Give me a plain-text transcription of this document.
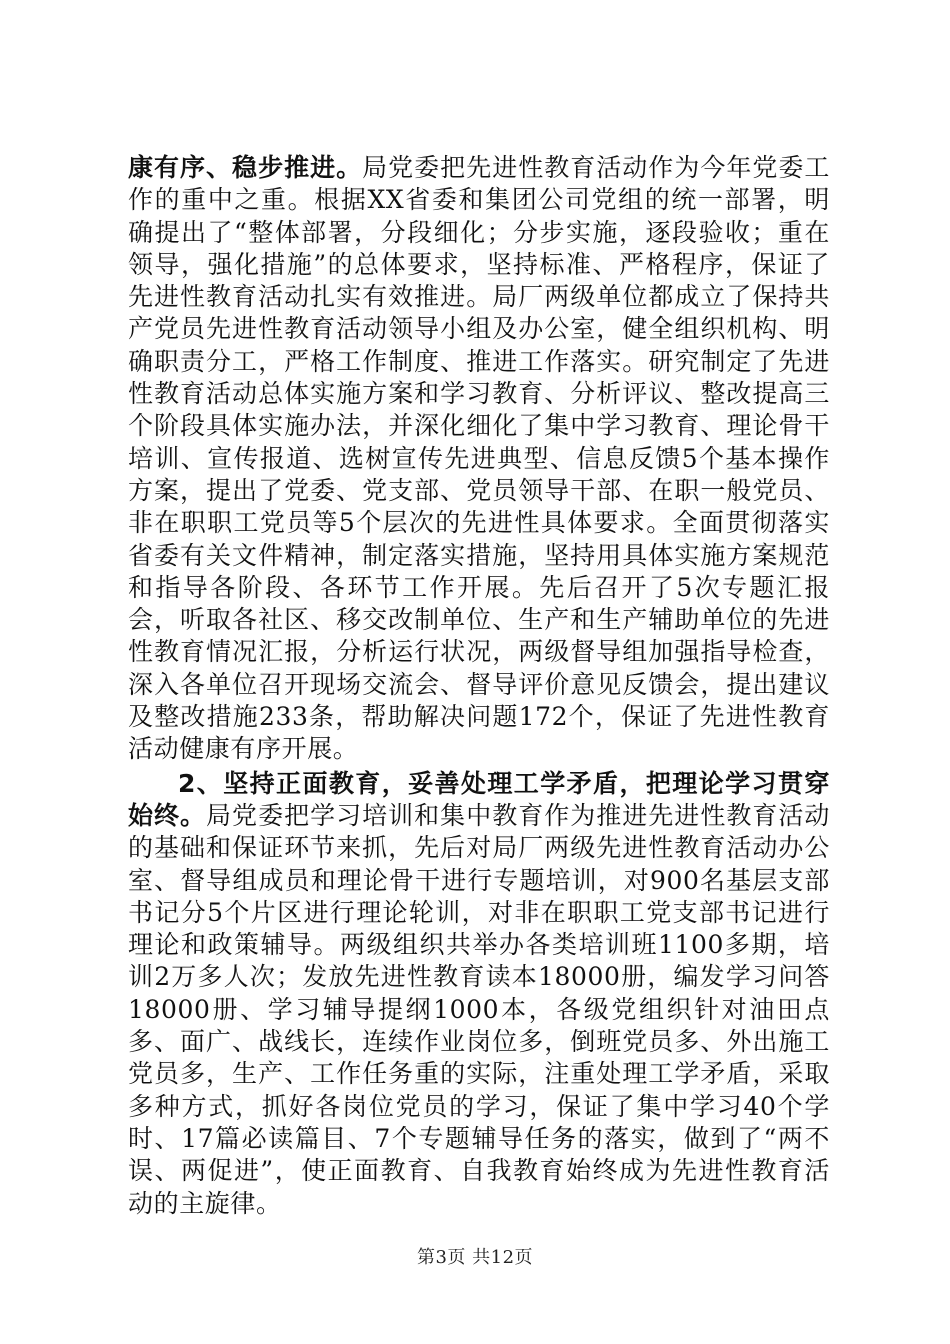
康有序、稳步推进。局党委把先进性教育活动作为今年党委工作的重中之重。根据XX省委和集团公司党组的统一部署，明确提出了“整体部署，分段细化；分步实施，逐段验收；重在领导，强化措施”的总体要求，坚持标准、严格程序，保证了先进性教育活动扎实有效推进。局厂两级单位都成立了保持共产党员先进性教育活动领导小组及办公室，健全组织机构、明确职责分工，严格工作制度、推进工作落实。研究制定了先进性教育活动总体实施方案和学习教育、分析评议、整改提高三个阶段具体实施办法，并深化细化了集中学习教育、理论骨干培训、宣传报道、选树宣传先进典型、信息反馈5个基本操作方案，提出了党委、党支部、党员领导干部、在职一般党员、非在职职工党员等5个层次的先进性具体要求。全面贯彻落实省委有关文件精神，制定落实措施，坚持用具体实施方案规范和指导各阶段、各环节工作开展。先后召开了5次专题汇报会，听取各社区、移交改制单位、生产和生产辅助单位的先进性教育情况汇报，分析运行状况，两级督导组加强指导检查，深入各单位召开现场交流会、督导评价意见反馈会，提出建议及整改措施233条，帮助解决问题172个，保证了先进性教育活动健康有序开展。

2、坚持正面教育，妥善处理工学矛盾，把理论学习贯穿始终。局党委把学习培训和集中教育作为推进先进性教育活动的基础和保证环节来抓，先后对局厂两级先进性教育活动办公室、督导组成员和理论骨干进行专题培训，对900名基层支部书记分5个片区进行理论轮训，对非在职职工党支部书记进行理论和政策辅导。两级组织共举办各类培训班1100多期，培训2万多人次；发放先进性教育读本18000册，编发学习问答18000册、学习辅导提纲1000本，各级党组织针对油田点多、面广、战线长，连续作业岗位多，倒班党员多、外出施工党员多，生产、工作任务重的实际，注重处理工学矛盾，采取多种方式，抓好各岗位党员的学习，保证了集中学习40个学时、17篇必读篇目、7个专题辅导任务的落实，做到了“两不误、两促进”，使正面教育、自我教育始终成为先进性教育活动的主旋律。

第3页 共12页
